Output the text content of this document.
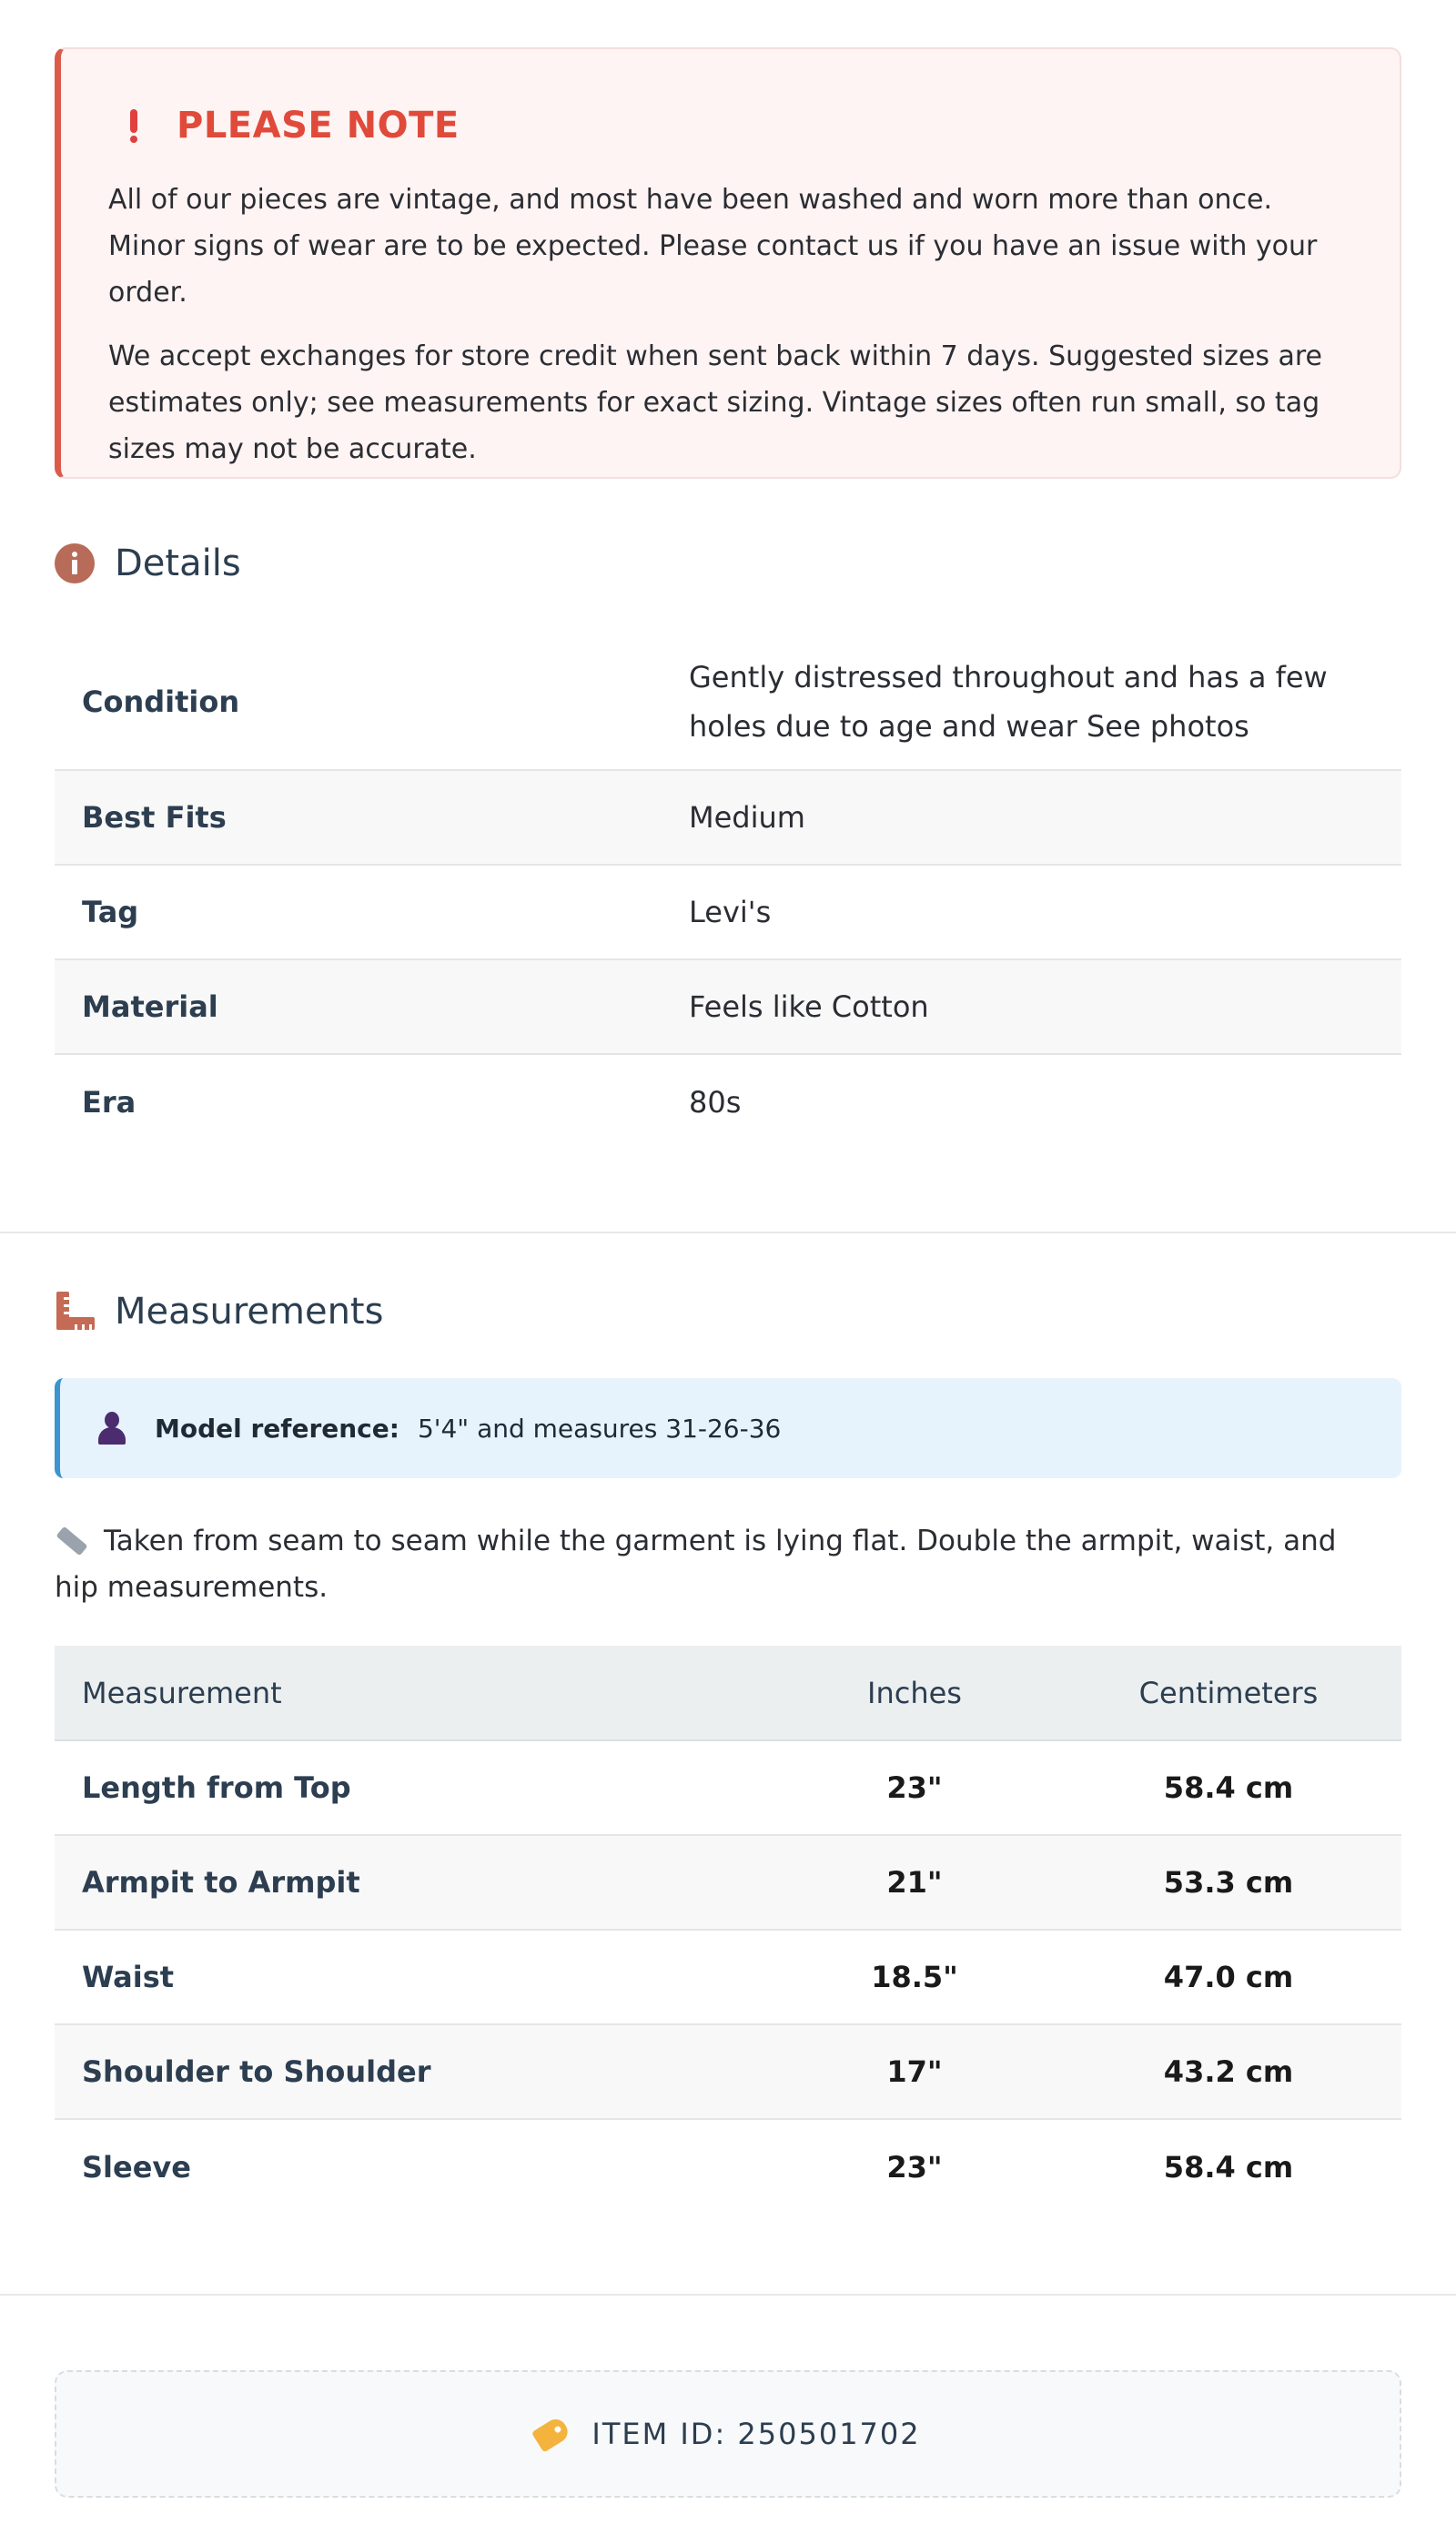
PLEASE NOTE

All of our pieces are vintage, and most have been washed and worn more than once. Minor signs of wear are to be expected. Please contact us if you have an issue with your order.

We accept exchanges for store credit when sent back within 7 days. Suggested sizes are estimates only; see measurements for exact sizing. Vintage sizes often run small, so tag sizes may not be accurate.

Details
Condition	Gently distressed throughout and has a few holes due to age and wear See photos
Best Fits	Medium
Tag	Levi's
Material	Feels like Cotton
Era	80s
Measurements
Model reference: 5'4" and measures 31-26-36
Taken from seam to seam while the garment is lying flat. Double the armpit, waist, and hip measurements.
Measurement	Inches	Centimeters
Length from Top	23"	58.4 cm
Armpit to Armpit	21"	53.3 cm
Waist	18.5"	47.0 cm
Shoulder to Shoulder	17"	43.2 cm
Sleeve	23"	58.4 cm
ITEM ID: 250501702
